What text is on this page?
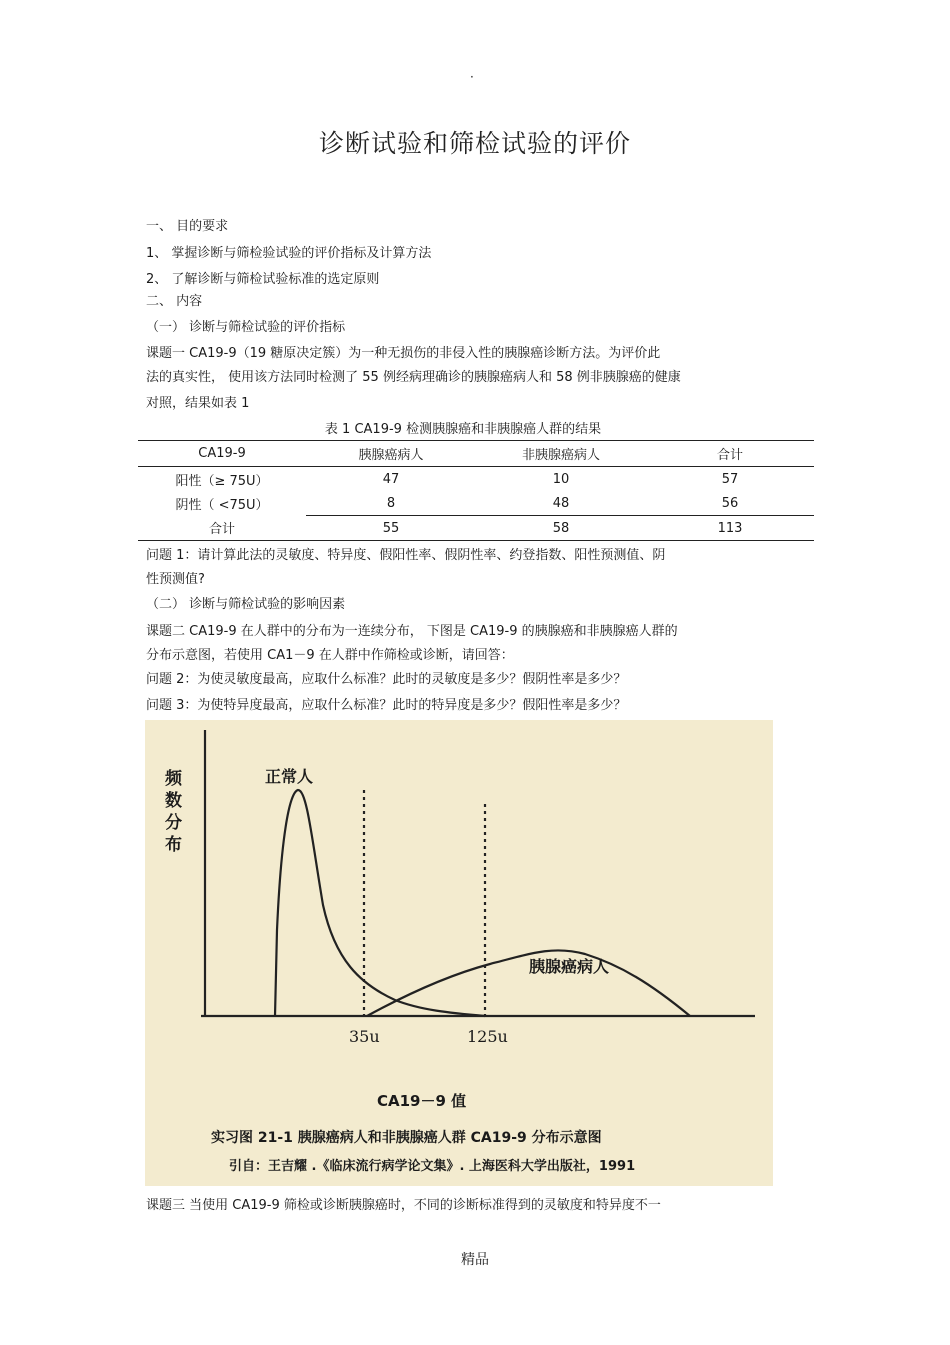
·
诊断试验和筛检试验的评价
一、 目的要求
1、 掌握诊断与筛检验试验的评价指标及计算方法
2、 了解诊断与筛检试验标准的选定原则
二、 内容
（一） 诊断与筛检试验的评价指标
课题一 CA19-9（19 糖原决定簇）为一种无损伤的非侵入性的胰腺癌诊断方法。为评价此
法的真实性， 使用该方法同时检测了 55 例经病理确诊的胰腺癌病人和 58 例非胰腺癌的健康
对照，结果如表 1
表 1 CA19-9 检测胰腺癌和非胰腺癌人群的结果
CA19-9	胰腺癌病人	非胰腺癌病人	合计
阳性（≥ 75U）	47	10	57
阴性（ <75U）	8	48	56
合计	55	58	113
问题 1：请计算此法的灵敏度、特异度、假阳性率、假阴性率、约登指数、阳性预测值、阴
性预测值?
（二） 诊断与筛检试验的影响因素
课题二 CA19-9 在人群中的分布为一连续分布， 下图是 CA19-9 的胰腺癌和非胰腺癌人群的
分布示意图，若使用 CA1－9 在人群中作筛检或诊断，请回答：
问题 2：为使灵敏度最高，应取什么标准？此时的灵敏度是多少？假阴性率是多少？
问题 3：为使特异度最高，应取什么标准？此时的特异度是多少？假阳性率是多少？
频
数
分
布
正常人
胰腺癌病人
35u	125u
CA19－9 值
实习图 21-1 胰腺癌病人和非胰腺癌人群 CA19-9 分布示意图
引自：王吉耀 .《临床流行病学论文集》. 上海医科大学出版社，1991
课题三 当使用 CA19-9 筛检或诊断胰腺癌时，不同的诊断标准得到的灵敏度和特异度不一
精品
